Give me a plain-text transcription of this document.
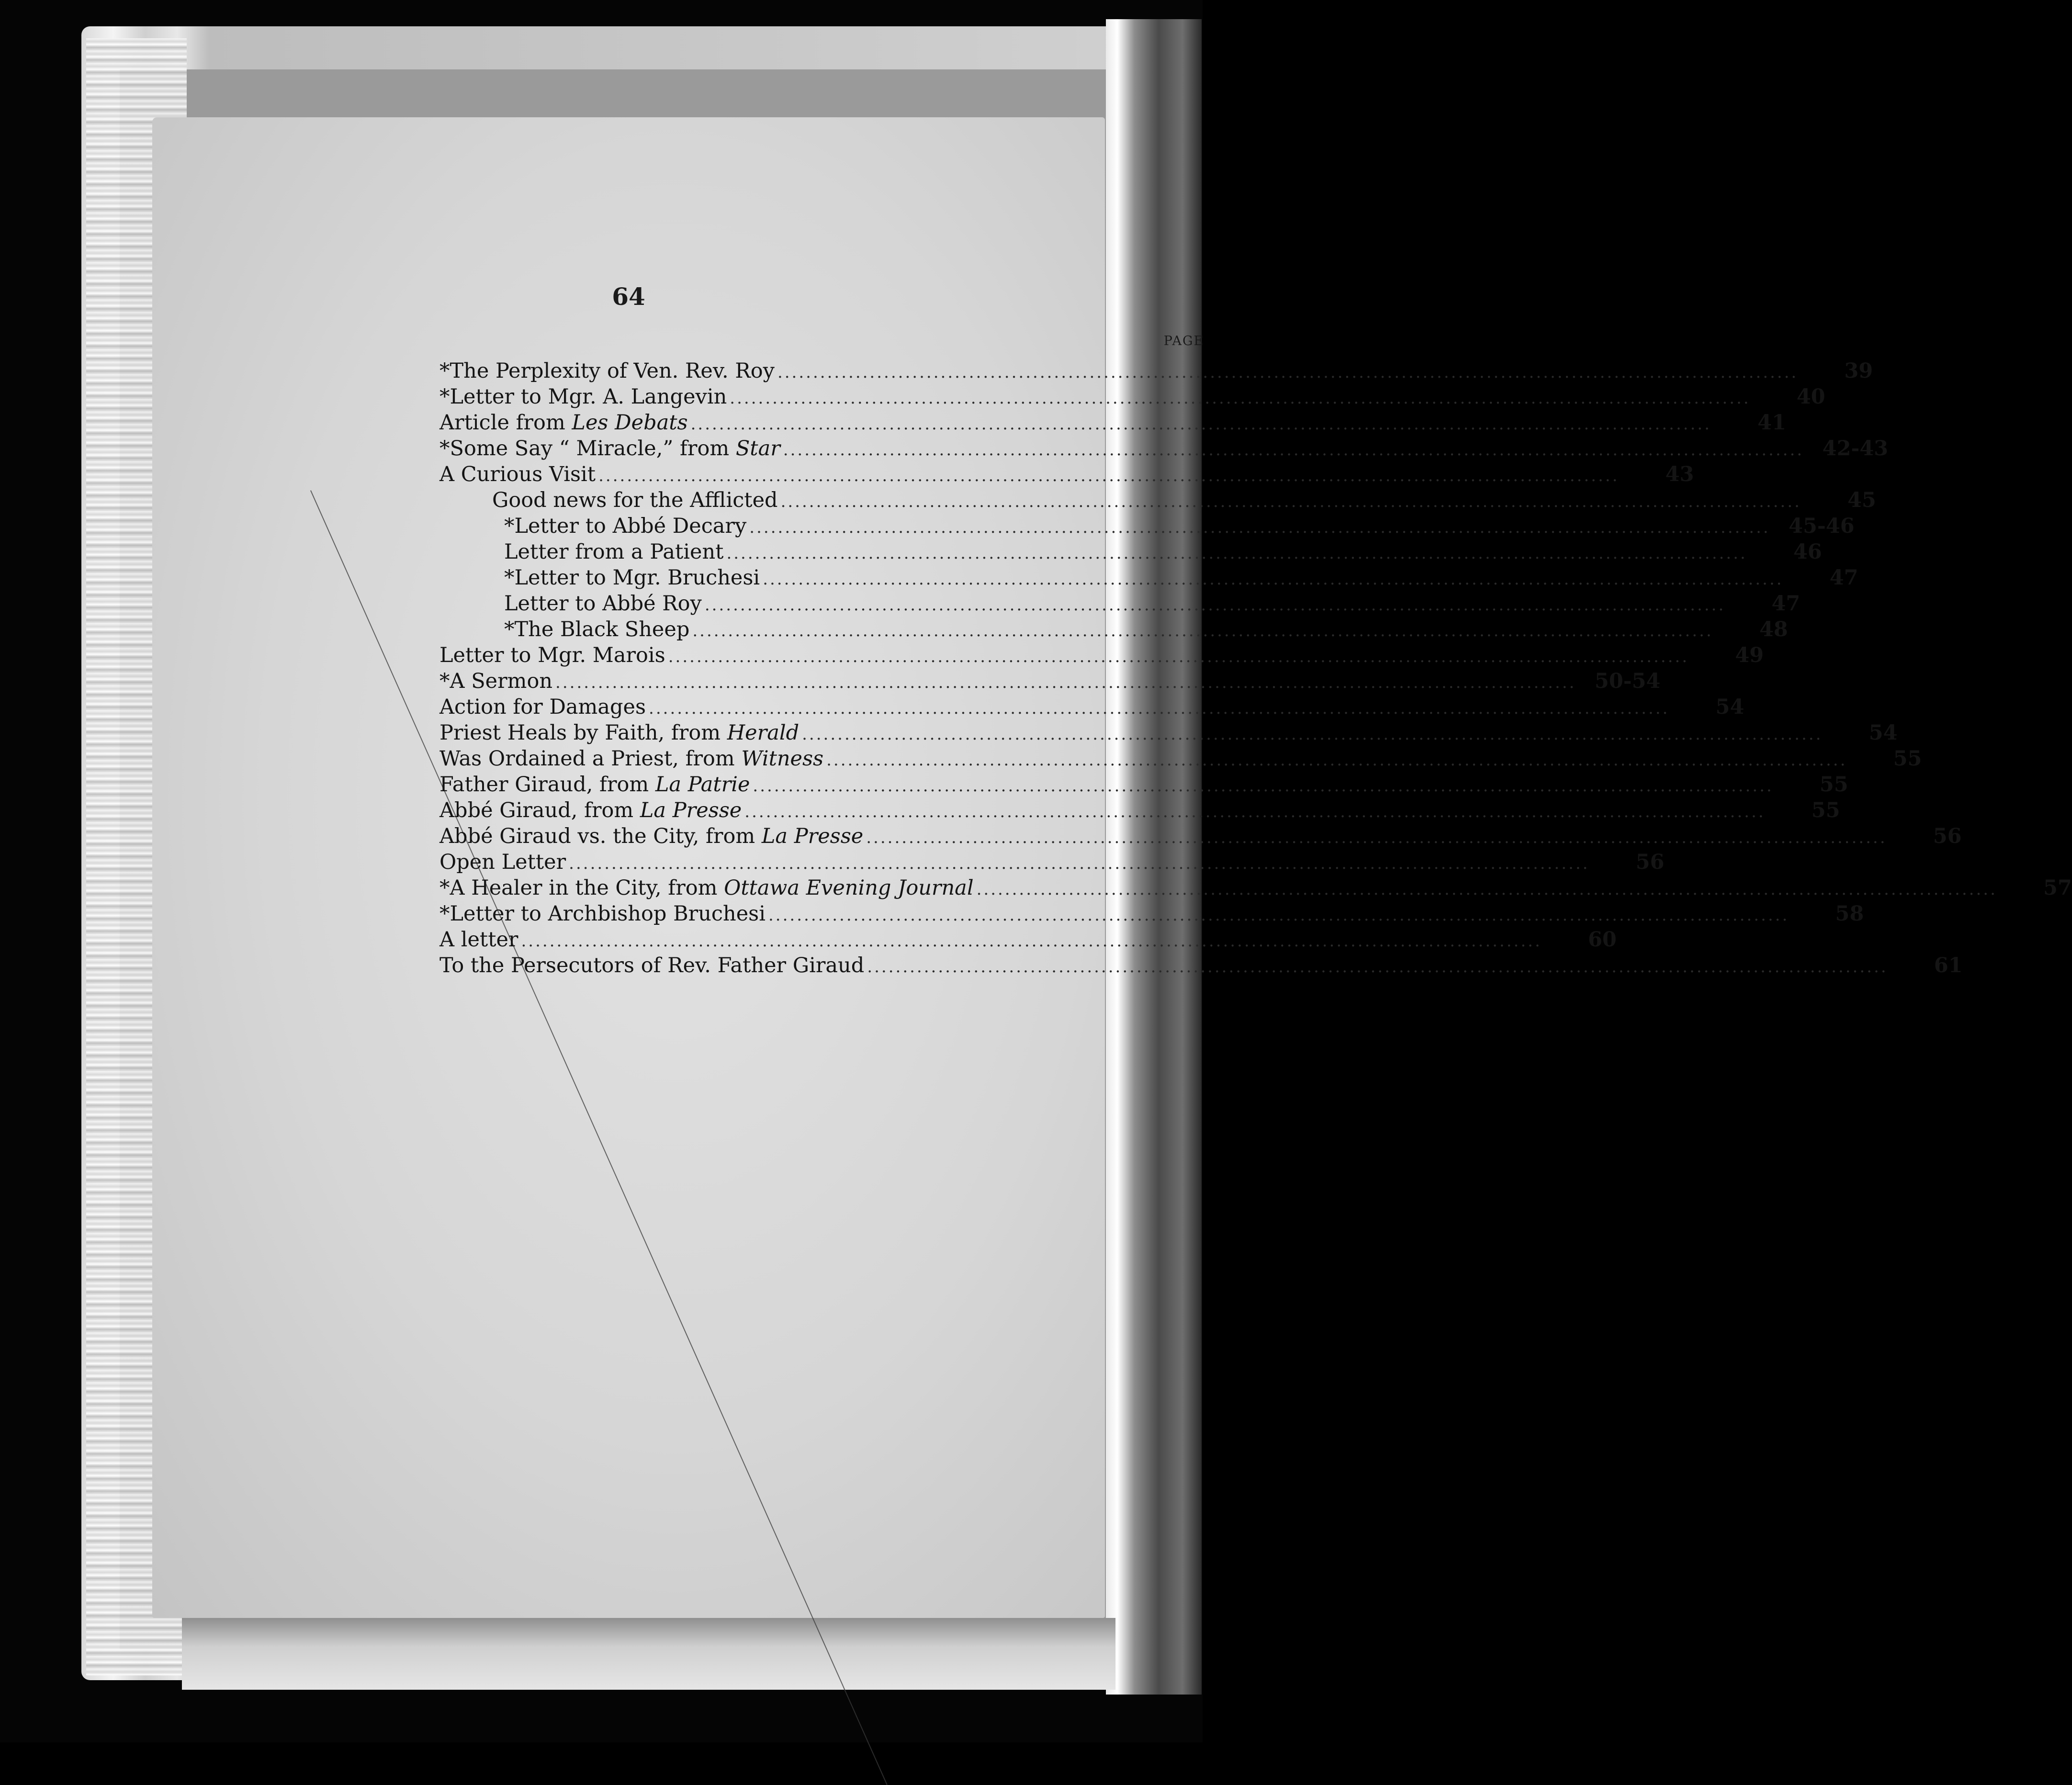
64
PAGE
*The Perplexity of Ven. Rev. Roy .....	39
*Letter to Mgr. A. Langevin .....	40
Article from Les Debats .....	41
*Some Say “ Miracle,” from Star .....	42-43
A Curious Visit .....	43
Good news for the Afflicted .....	45
*Letter to Abbé Decary .....	45-46
Letter from a Patient .....	46
*Letter to Mgr. Bruchesi .....	47
Letter to Abbé Roy .....	47
*The Black Sheep .....	48
Letter to Mgr. Marois .....	49
*A Sermon .....	50-54
Action for Damages .....	54
Priest Heals by Faith, from Herald .....	54
Was Ordained a Priest, from Witness .....	55
Father Giraud, from La Patrie .....	55
Abbé Giraud, from La Presse .....	55
Abbé Giraud vs. the City, from La Presse .....	56
Open Letter .....	56
*A Healer in the City, from Ottawa Evening Journal .....	57
*Letter to Archbishop Bruchesi .....	58
A letter .....	60
To the Persecutors of Rev. Father Giraud .....	61
